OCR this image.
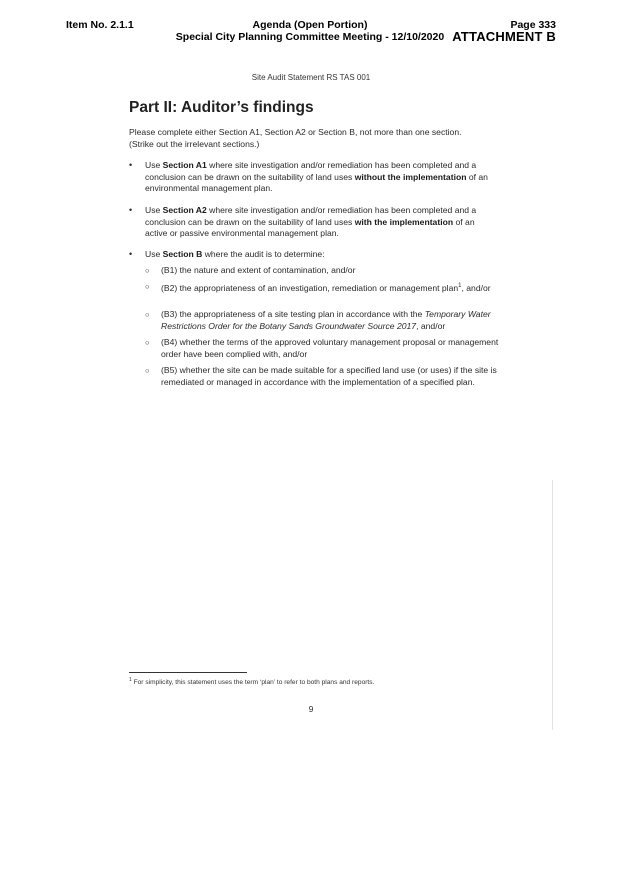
Item No. 2.1.1	Agenda (Open Portion)
Special City Planning Committee Meeting - 12/10/2020
Page 333
ATTACHMENT B
Site Audit Statement RS TAS 001
Part II: Auditor’s findings
Please complete either Section A1, Section A2 or Section B, not more than one section.
(Strike out the irrelevant sections.)
• Use Section A1 where site investigation and/or remediation has been completed and a conclusion can be drawn on the suitability of land uses without the implementation of an environmental management plan.
• Use Section A2 where site investigation and/or remediation has been completed and a conclusion can be drawn on the suitability of land uses with the implementation of an active or passive environmental management plan.
• Use Section B where the audit is to determine:
○ (B1) the nature and extent of contamination, and/or
○ (B2) the appropriateness of an investigation, remediation or management plan$^1$, and/or
○ (B3) the appropriateness of a site testing plan in accordance with the Temporary Water Restrictions Order for the Botany Sands Groundwater Source 2017, and/or
○ (B4) whether the terms of the approved voluntary management proposal or management order have been complied with, and/or
○ (B5) whether the site can be made suitable for a specified land use (or uses) if the site is remediated or managed in accordance with the implementation of a specified plan.
$^1$ For simplicity, this statement uses the term ‘plan’ to refer to both plans and reports.
9
